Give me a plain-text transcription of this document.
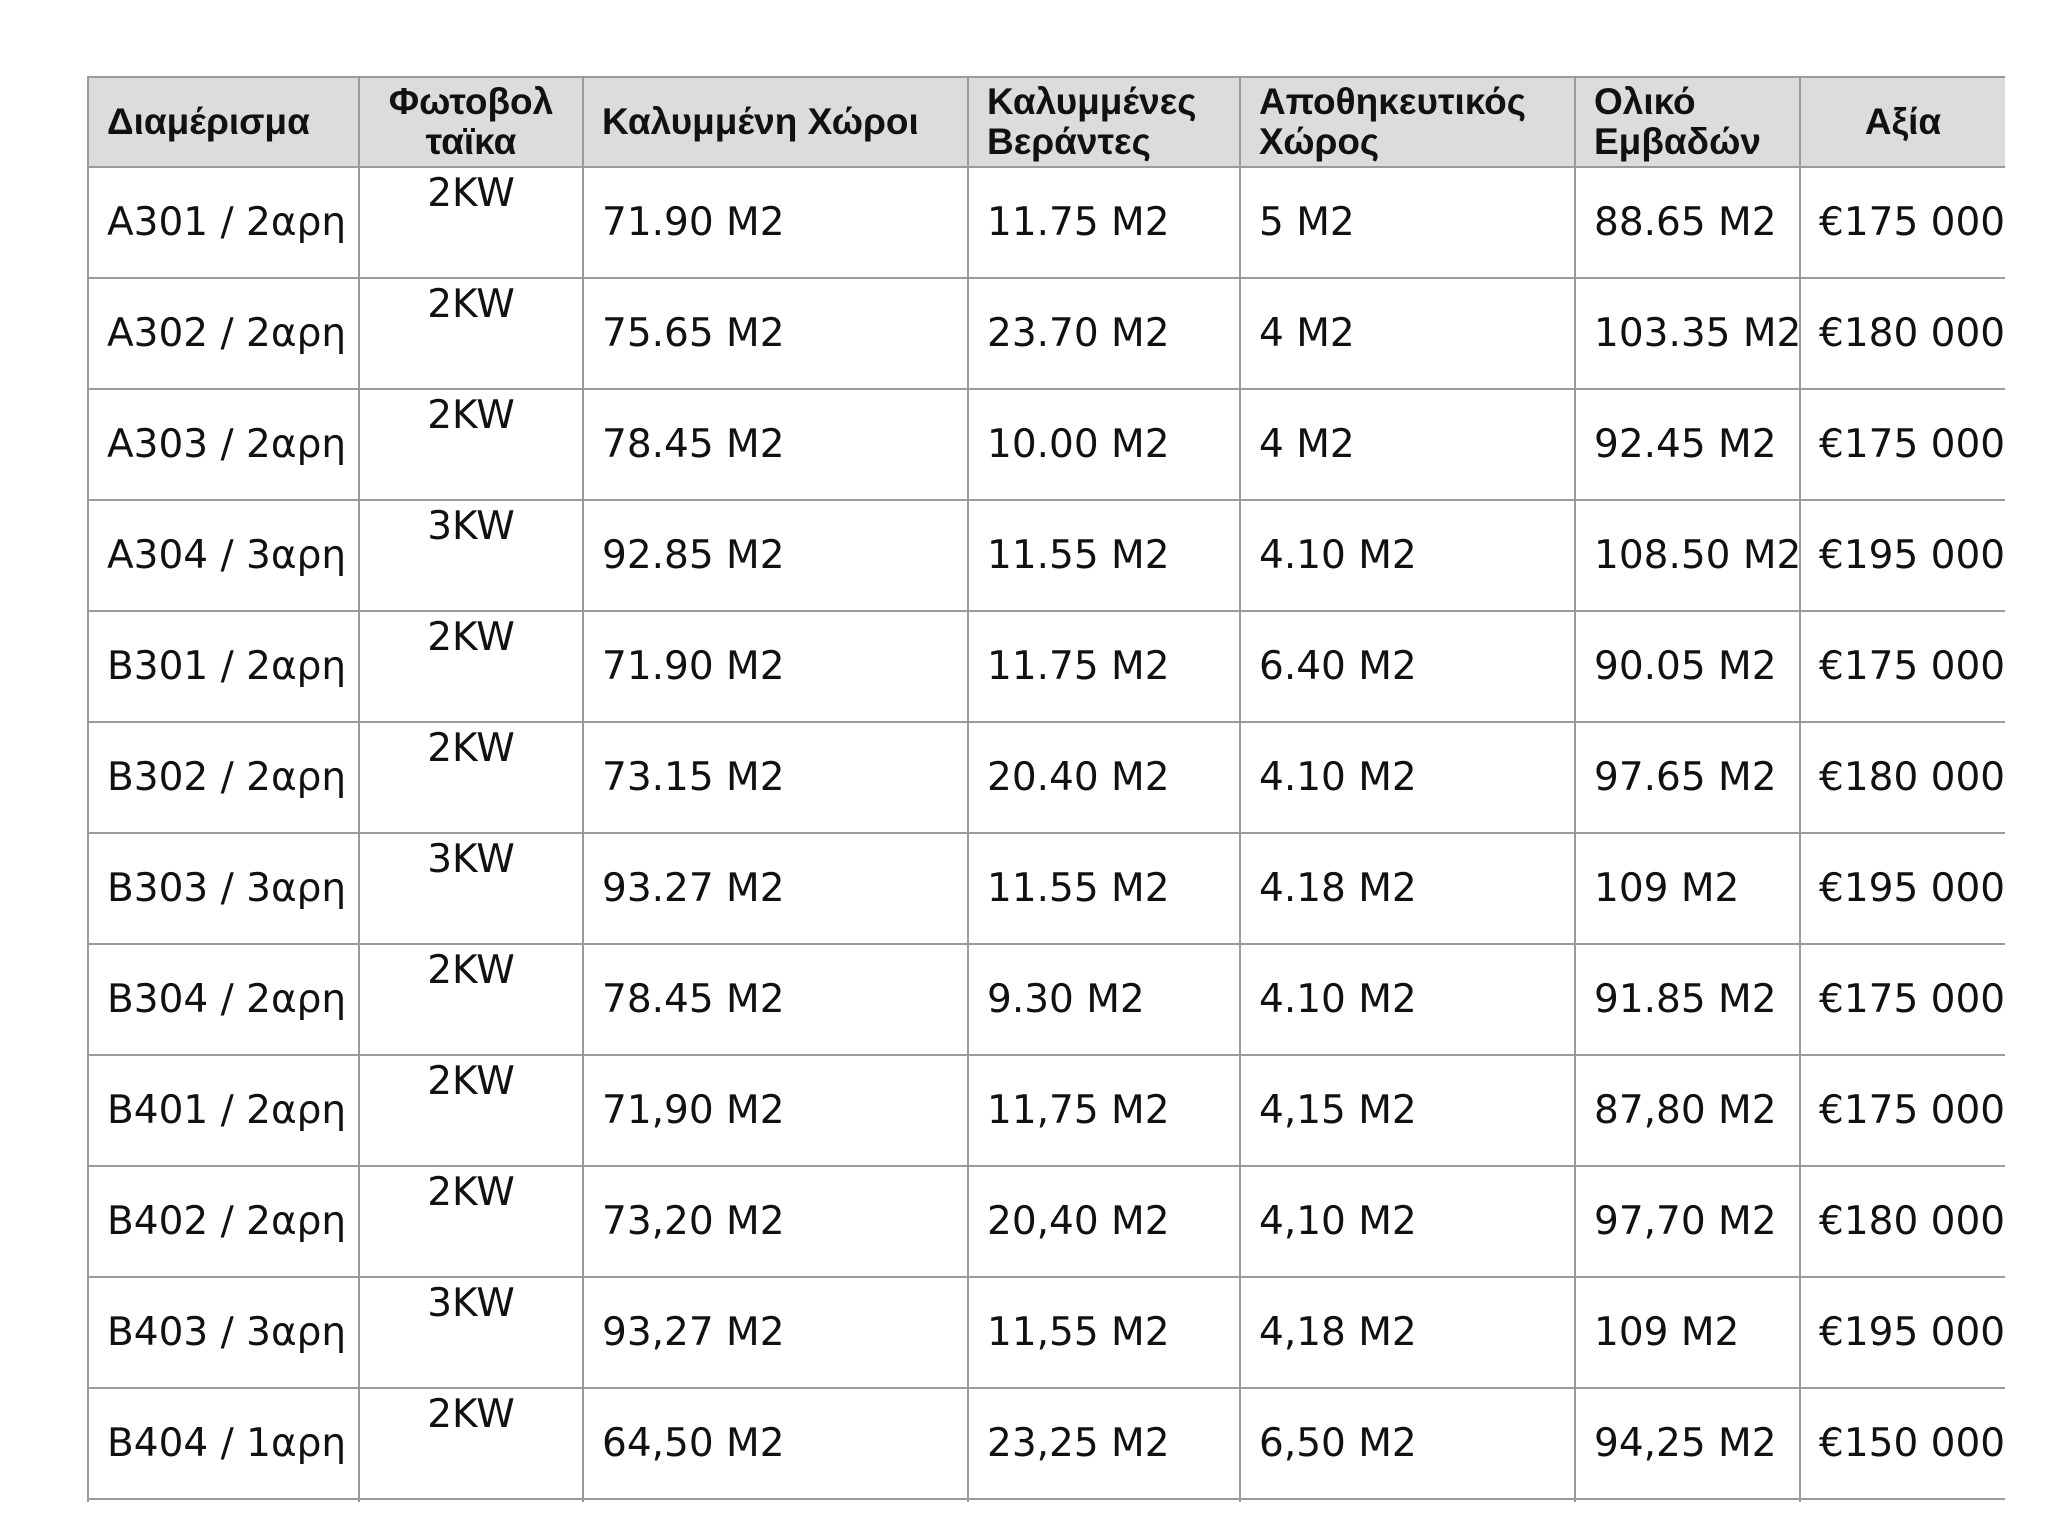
Διαμέρισμα	Φωτοβολ ταϊκα	Καλυμμένη Χώροι	Καλυμμένες Βεράντες	Αποθηκευτικός Χώρος	Ολικό Εμβαδών	Αξία
A301 / 2αρη	2KW	71.90 M2	11.75 M2	5 M2	88.65 M2	€175 000
A302 / 2αρη	2KW	75.65 M2	23.70 M2	4 M2	103.35 M2	€180 000
A303 / 2αρη	2KW	78.45 M2	10.00 M2	4 M2	92.45 M2	€175 000
A304 / 3αρη	3KW	92.85 M2	11.55 M2	4.10 M2	108.50 M2	€195 000
B301 / 2αρη	2KW	71.90 M2	11.75 M2	6.40 M2	90.05 M2	€175 000
B302 / 2αρη	2KW	73.15 M2	20.40 M2	4.10 M2	97.65 M2	€180 000
B303 / 3αρη	3KW	93.27 M2	11.55 M2	4.18 M2	109 M2	€195 000
B304 / 2αρη	2KW	78.45 M2	9.30 M2	4.10 M2	91.85 M2	€175 000
B401 / 2αρη	2KW	71,90 M2	11,75 M2	4,15 M2	87,80 M2	€175 000
B402 / 2αρη	2KW	73,20 M2	20,40 M2	4,10 M2	97,70 M2	€180 000
B403 / 3αρη	3KW	93,27 M2	11,55 M2	4,18 M2	109 M2	€195 000
B404 / 1αρη	2KW	64,50 M2	23,25 M2	6,50 M2	94,25 M2	€150 000
